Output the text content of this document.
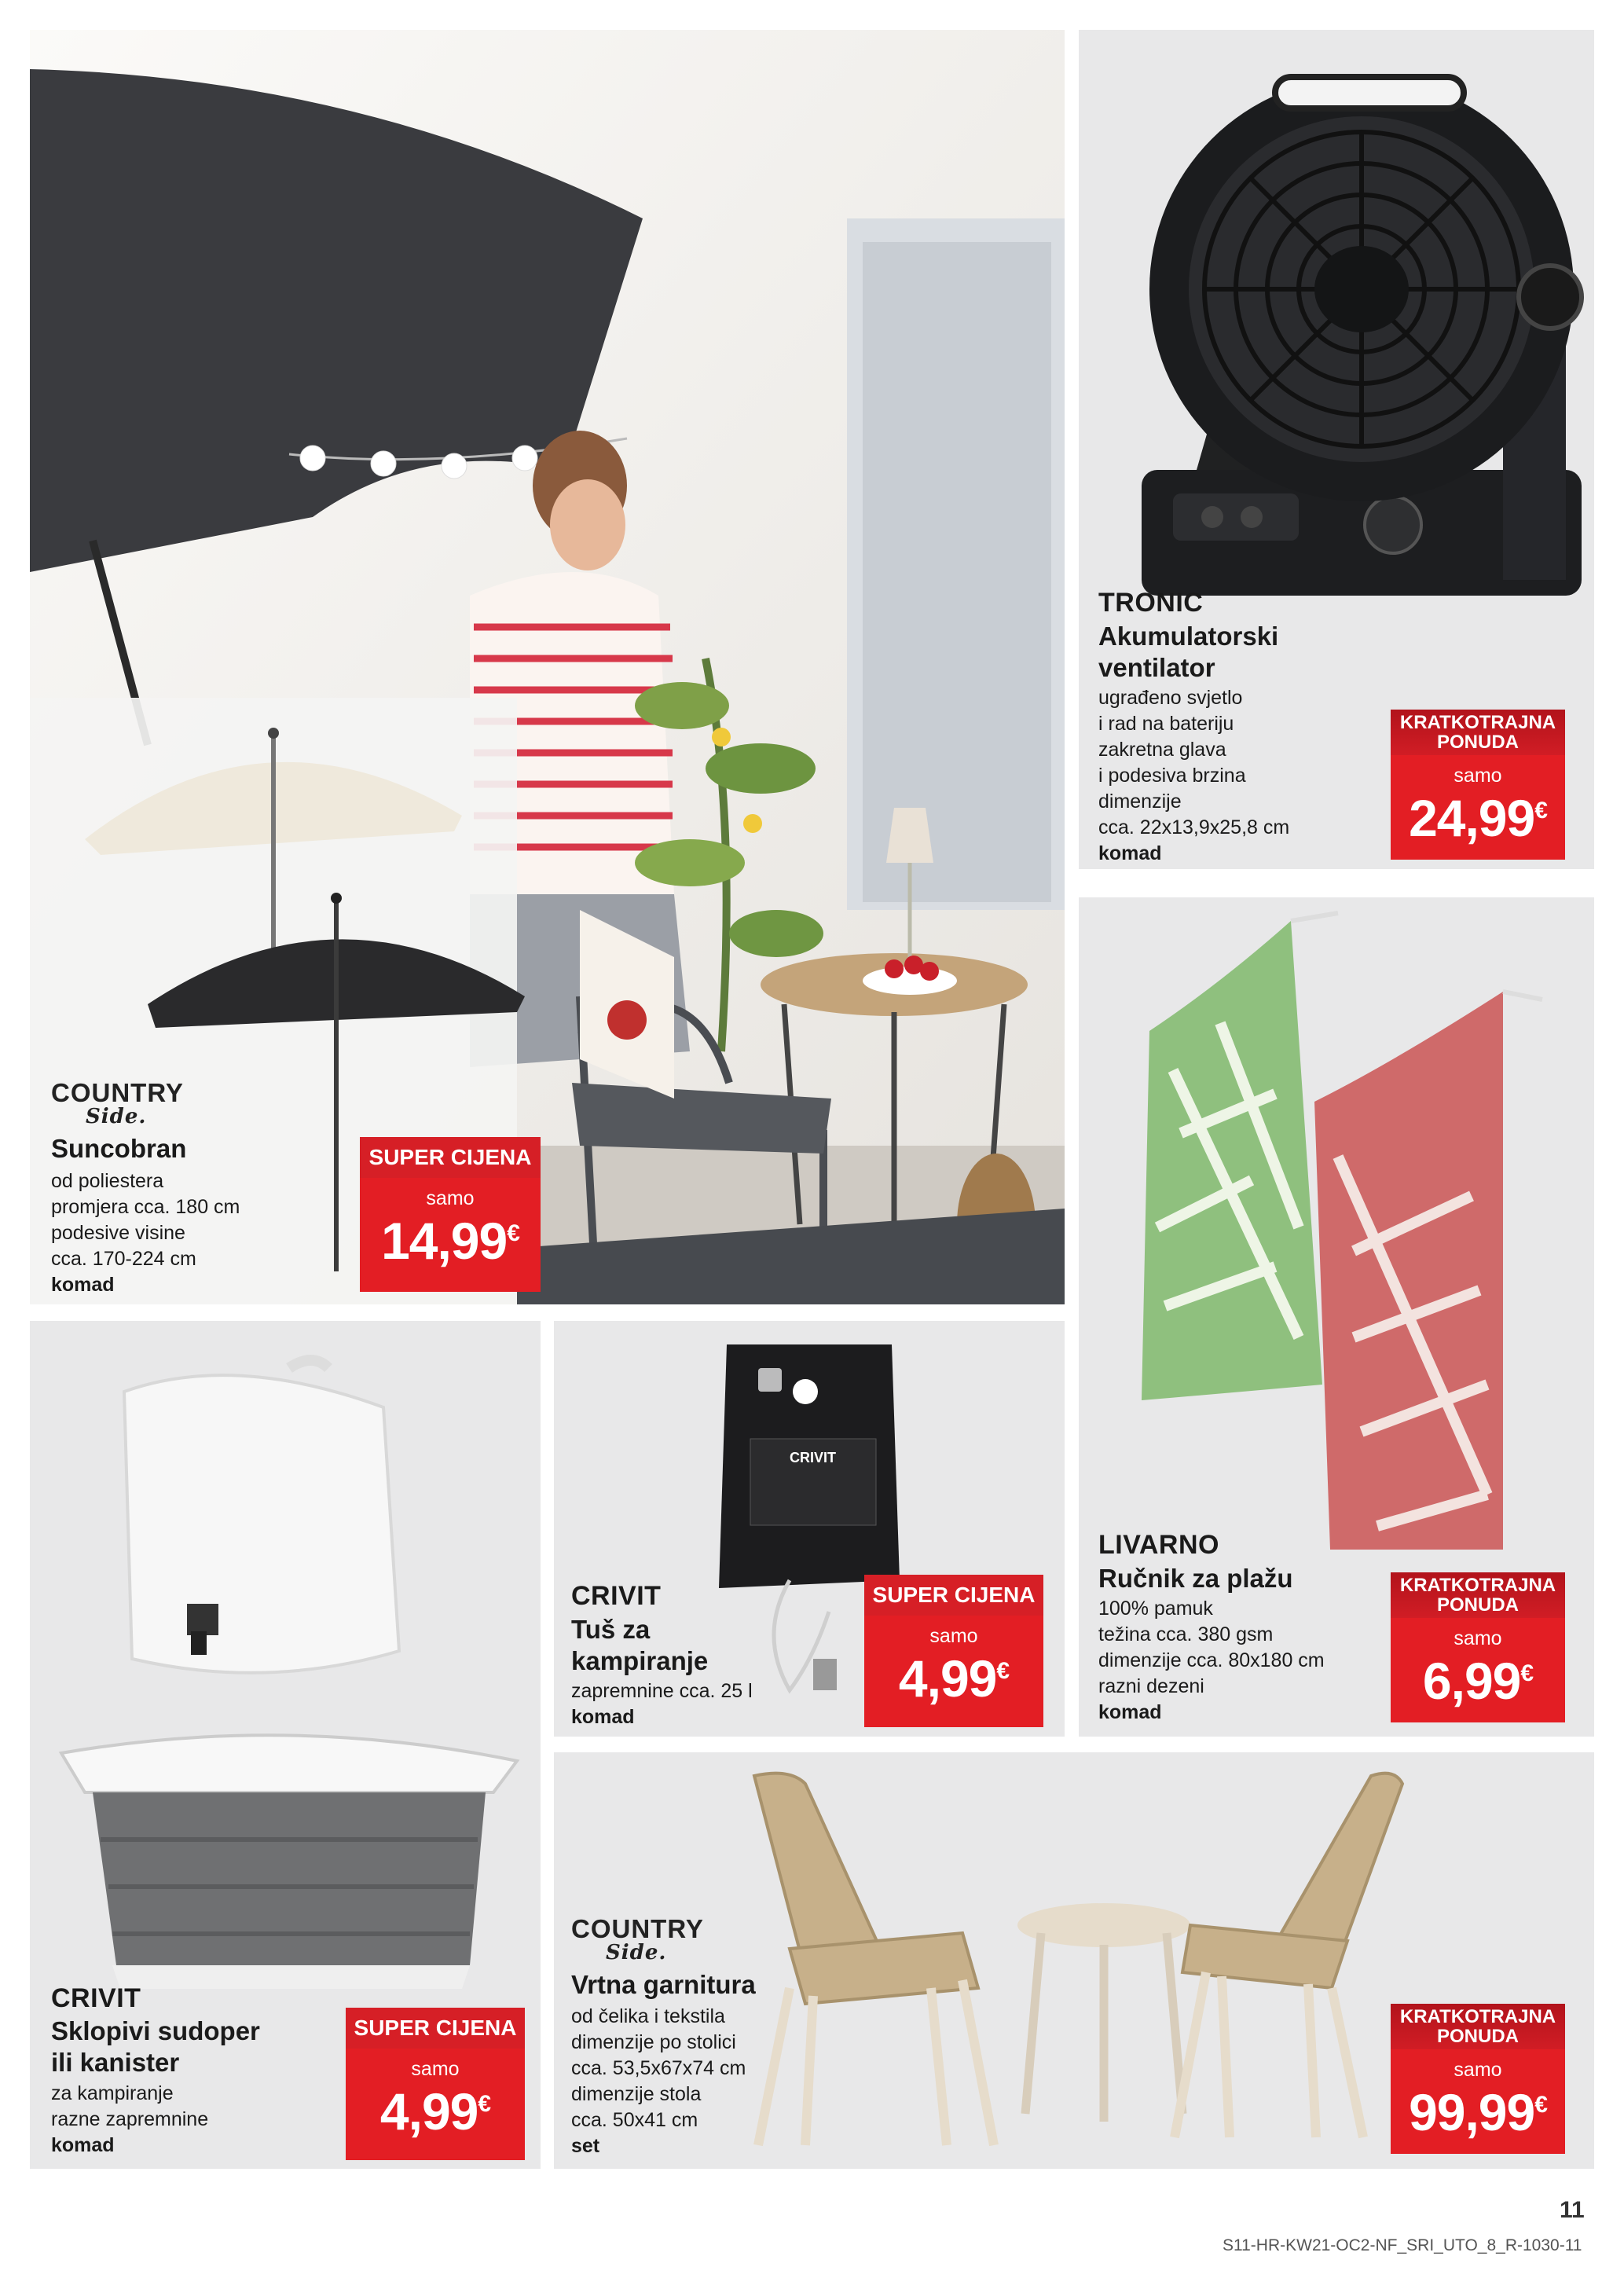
COUNTRY
Side.
Suncobran
od poliestera
promjera cca. 180 cm
podesive visine
cca. 170-224 cm
komad
SUPER CIJENA
samo
14,99€
TRONIC
Akumulatorski
ventilator
ugrađeno svjetlo
i rad na bateriju
zakretna glava
i podesiva brzina
dimenzije
cca. 22x13,9x25,8 cm
komad
KRATKOTRAJNA
PONUDA
samo
24,99€
LIVARNO
Ručnik za plažu
100% pamuk
težina cca. 380 gsm
dimenzije cca. 80x180 cm
razni dezeni
komad
KRATKOTRAJNA
PONUDA
samo
6,99€
CRIVIT
CRIVIT
Tuš za
kampiranje
zapremnine cca. 25 l
komad
SUPER CIJENA
samo
4,99€
CRIVIT
Sklopivi sudoper
ili kanister
za kampiranje
razne zapremnine
komad
SUPER CIJENA
samo
4,99€
COUNTRY
Side.
Vrtna garnitura
od čelika i tekstila
dimenzije po stolici
cca. 53,5x67x74 cm
dimenzije stola
cca. 50x41 cm
set
KRATKOTRAJNA
PONUDA
samo
99,99€
11
S11-HR-KW21-OC2-NF_SRI_UTO_8_R-1030-11
